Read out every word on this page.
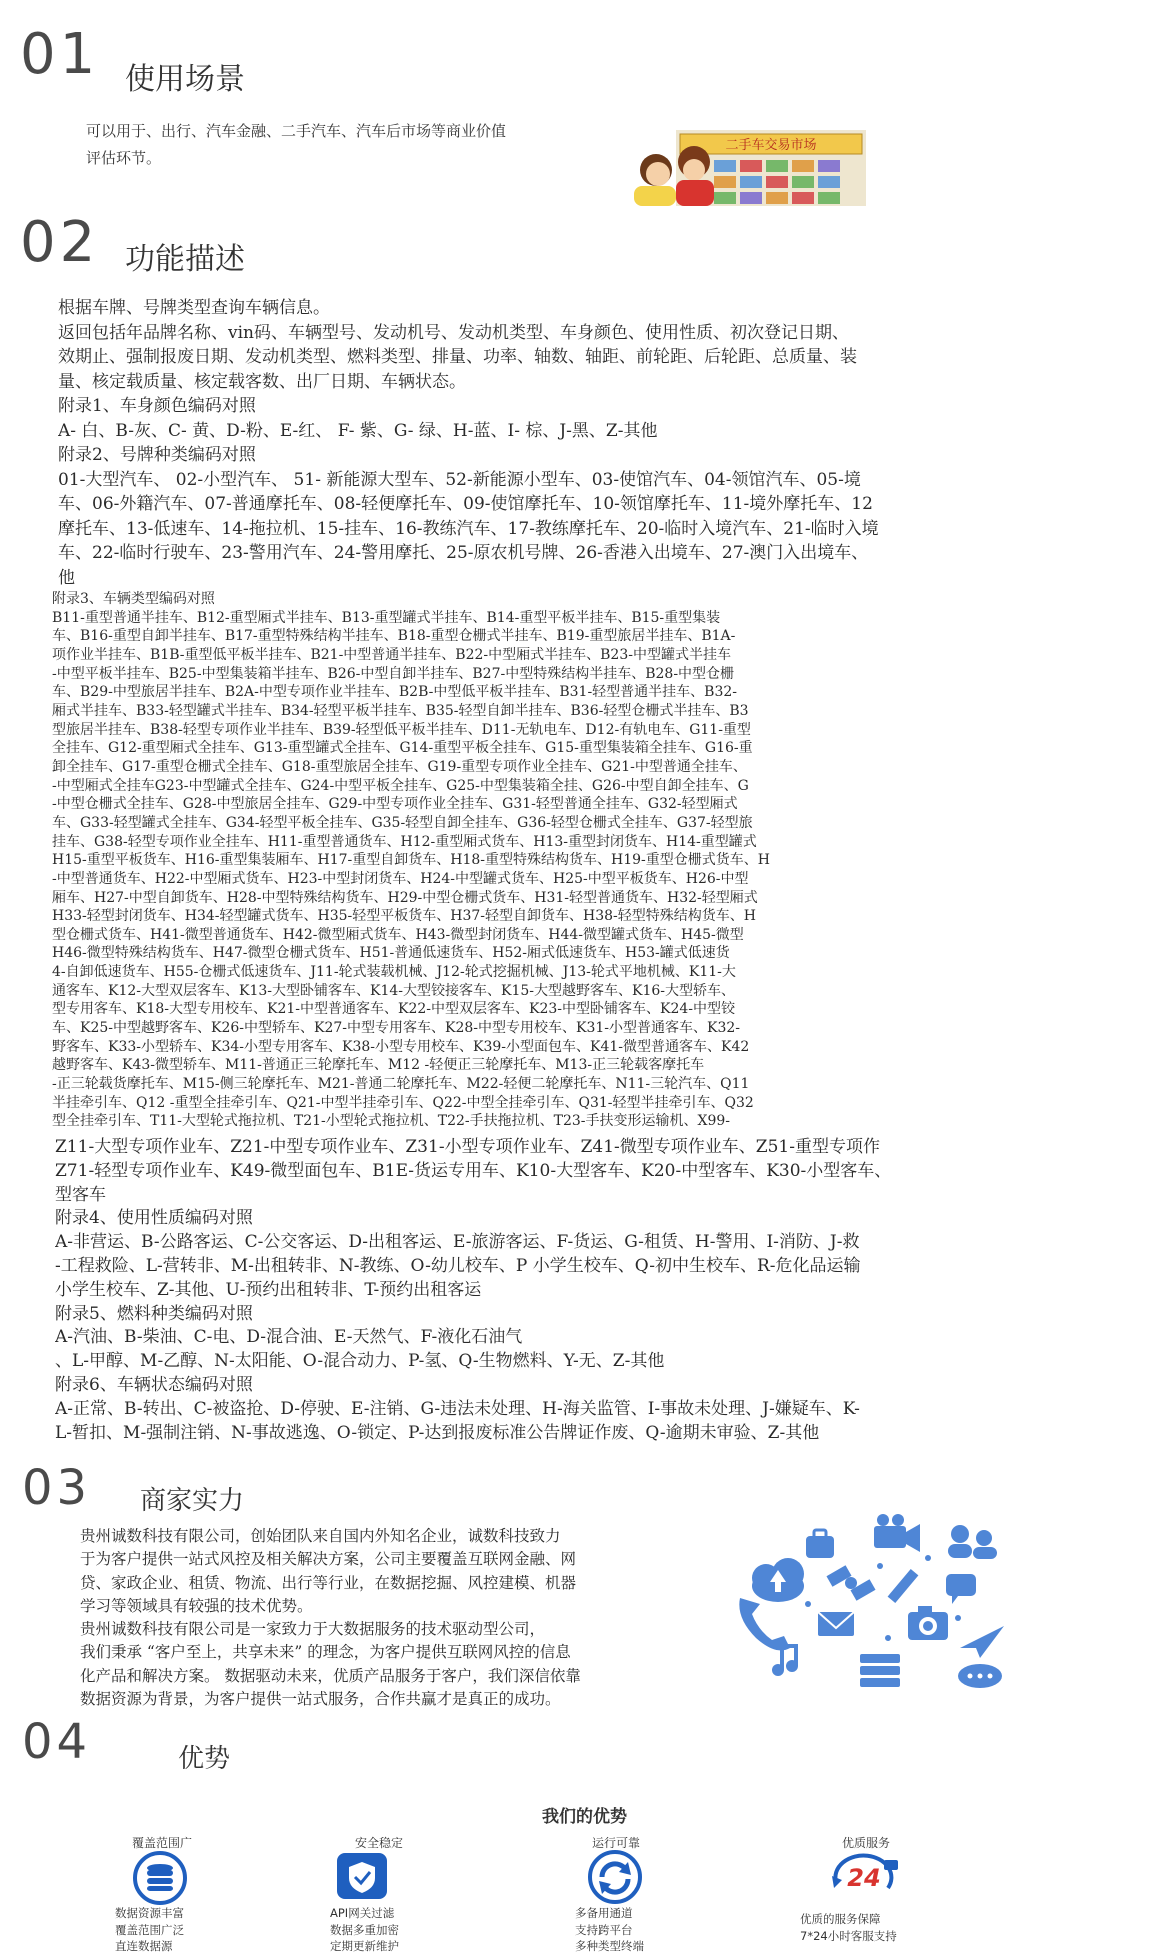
01 使用场景
可以用于、出行、汽车金融、二手汽车、汽车后市场等商业价值
评估环节。
二手车交易市场
02 功能描述
根据车牌、号牌类型查询车辆信息。
返回包括年品牌名称、vin码、车辆型号、发动机号、发动机类型、车身颜色、使用性质、初次登记日期、
效期止、强制报废日期、发动机类型、燃料类型、排量、功率、轴数、轴距、前轮距、后轮距、总质量、装
量、核定载质量、核定载客数、出厂日期、车辆状态。
附录1、车身颜色编码对照
A- 白、B-灰、C- 黄、D-粉、E-红、 F- 紫、G- 绿、H-蓝、I- 棕、J-黑、Z-其他
附录2、号牌种类编码对照
01-大型汽车、 02-小型汽车、 51- 新能源大型车、52-新能源小型车、03-使馆汽车、04-领馆汽车、05-境
车、06-外籍汽车、07-普通摩托车、08-轻便摩托车、09-使馆摩托车、10-领馆摩托车、11-境外摩托车、12
摩托车、13-低速车、14-拖拉机、15-挂车、16-教练汽车、17-教练摩托车、20-临时入境汽车、21-临时入境
车、22-临时行驶车、23-警用汽车、24-警用摩托、25-原农机号牌、26-香港入出境车、27-澳门入出境车、
他
附录3、车辆类型编码对照
B11-重型普通半挂车、B12-重型厢式半挂车、B13-重型罐式半挂车、B14-重型平板半挂车、B15-重型集装
车、B16-重型自卸半挂车、B17-重型特殊结构半挂车、B18-重型仓栅式半挂车、B19-重型旅居半挂车、B1A-
项作业半挂车、B1B-重型低平板半挂车、B21-中型普通半挂车、B22-中型厢式半挂车、B23-中型罐式半挂车
-中型平板半挂车、B25-中型集装箱半挂车、B26-中型自卸半挂车、B27-中型特殊结构半挂车、B28-中型仓栅
车、B29-中型旅居半挂车、B2A-中型专项作业半挂车、B2B-中型低平板半挂车、B31-轻型普通半挂车、B32-
厢式半挂车、B33-轻型罐式半挂车、B34-轻型平板半挂车、B35-轻型自卸半挂车、B36-轻型仓栅式半挂车、B3
型旅居半挂车、B38-轻型专项作业半挂车、B39-轻型低平板半挂车、D11-无轨电车、D12-有轨电车、G11-重型
全挂车、G12-重型厢式全挂车、G13-重型罐式全挂车、G14-重型平板全挂车、G15-重型集装箱全挂车、G16-重
卸全挂车、G17-重型仓栅式全挂车、G18-重型旅居全挂车、G19-重型专项作业全挂车、G21-中型普通全挂车、
-中型厢式全挂车G23-中型罐式全挂车、G24-中型平板全挂车、G25-中型集装箱全挂、G26-中型自卸全挂车、G
-中型仓栅式全挂车、G28-中型旅居全挂车、G29-中型专项作业全挂车、G31-轻型普通全挂车、G32-轻型厢式
车、G33-轻型罐式全挂车、G34-轻型平板全挂车、G35-轻型自卸全挂车、G36-轻型仓栅式全挂车、G37-轻型旅
挂车、G38-轻型专项作业全挂车、H11-重型普通货车、H12-重型厢式货车、H13-重型封闭货车、H14-重型罐式
H15-重型平板货车、H16-重型集装厢车、H17-重型自卸货车、H18-重型特殊结构货车、H19-重型仓栅式货车、H
-中型普通货车、H22-中型厢式货车、H23-中型封闭货车、H24-中型罐式货车、H25-中型平板货车、H26-中型
厢车、H27-中型自卸货车、H28-中型特殊结构货车、H29-中型仓栅式货车、H31-轻型普通货车、H32-轻型厢式
H33-轻型封闭货车、H34-轻型罐式货车、H35-轻型平板货车、H37-轻型自卸货车、H38-轻型特殊结构货车、H
型仓栅式货车、H41-微型普通货车、H42-微型厢式货车、H43-微型封闭货车、H44-微型罐式货车、H45-微型
H46-微型特殊结构货车、H47-微型仓栅式货车、H51-普通低速货车、H52-厢式低速货车、H53-罐式低速货
4-自卸低速货车、H55-仓栅式低速货车、J11-轮式装载机械、J12-轮式挖掘机械、J13-轮式平地机械、K11-大
通客车、K12-大型双层客车、K13-大型卧铺客车、K14-大型铰接客车、K15-大型越野客车、K16-大型轿车、
型专用客车、K18-大型专用校车、K21-中型普通客车、K22-中型双层客车、K23-中型卧铺客车、K24-中型铰
车、K25-中型越野客车、K26-中型轿车、K27-中型专用客车、K28-中型专用校车、K31-小型普通客车、K32-
野客车、K33-小型轿车、K34-小型专用客车、K38-小型专用校车、K39-小型面包车、K41-微型普通客车、K42
越野客车、K43-微型轿车、M11-普通正三轮摩托车、M12 -轻便正三轮摩托车、M13-正三轮载客摩托车
-正三轮载货摩托车、M15-侧三轮摩托车、M21-普通二轮摩托车、M22-轻便二轮摩托车、N11-三轮汽车、Q11
半挂牵引车、Q12 -重型全挂牵引车、Q21-中型半挂牵引车、Q22-中型全挂牵引车、Q31-轻型半挂牵引车、Q32
型全挂牵引车、T11-大型轮式拖拉机、T21-小型轮式拖拉机、T22-手扶拖拉机、T23-手扶变形运输机、X99-
Z11-大型专项作业车、Z21-中型专项作业车、Z31-小型专项作业车、Z41-微型专项作业车、Z51-重型专项作
Z71-轻型专项作业车、K49-微型面包车、B1E-货运专用车、K10-大型客车、K20-中型客车、K30-小型客车、
型客车
附录4、使用性质编码对照
A-非营运、B-公路客运、C-公交客运、D-出租客运、E-旅游客运、F-货运、G-租赁、H-警用、I-消防、J-救
-工程救险、L-营转非、M-出租转非、N-教练、O-幼儿校车、P 小学生校车、Q-初中生校车、R-危化品运输
小学生校车、Z-其他、U-预约出租转非、T-预约出租客运
附录5、燃料种类编码对照
A-汽油、B-柴油、C-电、D-混合油、E-天然气、F-液化石油气
、L-甲醇、M-乙醇、N-太阳能、O-混合动力、P-氢、Q-生物燃料、Y-无、Z-其他
附录6、车辆状态编码对照
A-正常、B-转出、C-被盗抢、D-停驶、E-注销、G-违法未处理、H-海关监管、I-事故未处理、J-嫌疑车、K-
L-暂扣、M-强制注销、N-事故逃逸、O-锁定、P-达到报废标准公告牌证作废、Q-逾期未审验、Z-其他
03 商家实力
贵州诚数科技有限公司，创始团队来自国内外知名企业，诚数科技致力
于为客户提供一站式风控及相关解决方案，公司主要覆盖互联网金融、网
贷、家政企业、租赁、物流、出行等行业，在数据挖掘、风控建模、机器
学习等领域具有较强的技术优势。
贵州诚数科技有限公司是一家致力于大数据服务的技术驱动型公司，
我们秉承 “客户至上，共享未来” 的理念，为客户提供互联网风控的信息
化产品和解决方案。 数据驱动未来，优质产品服务于客户，我们深信依靠
数据资源为背景，为客户提供一站式服务，合作共赢才是真正的成功。
04	优势
我们的优势
覆盖范围广
数据资源丰富
覆盖范围广泛
直连数据源
安全稳定
API网关过滤
数据多重加密
定期更新维护
运行可靠
多备用通道
支持跨平台
多种类型终端
优质服务
24
优质的服务保障
7*24小时客服支持
